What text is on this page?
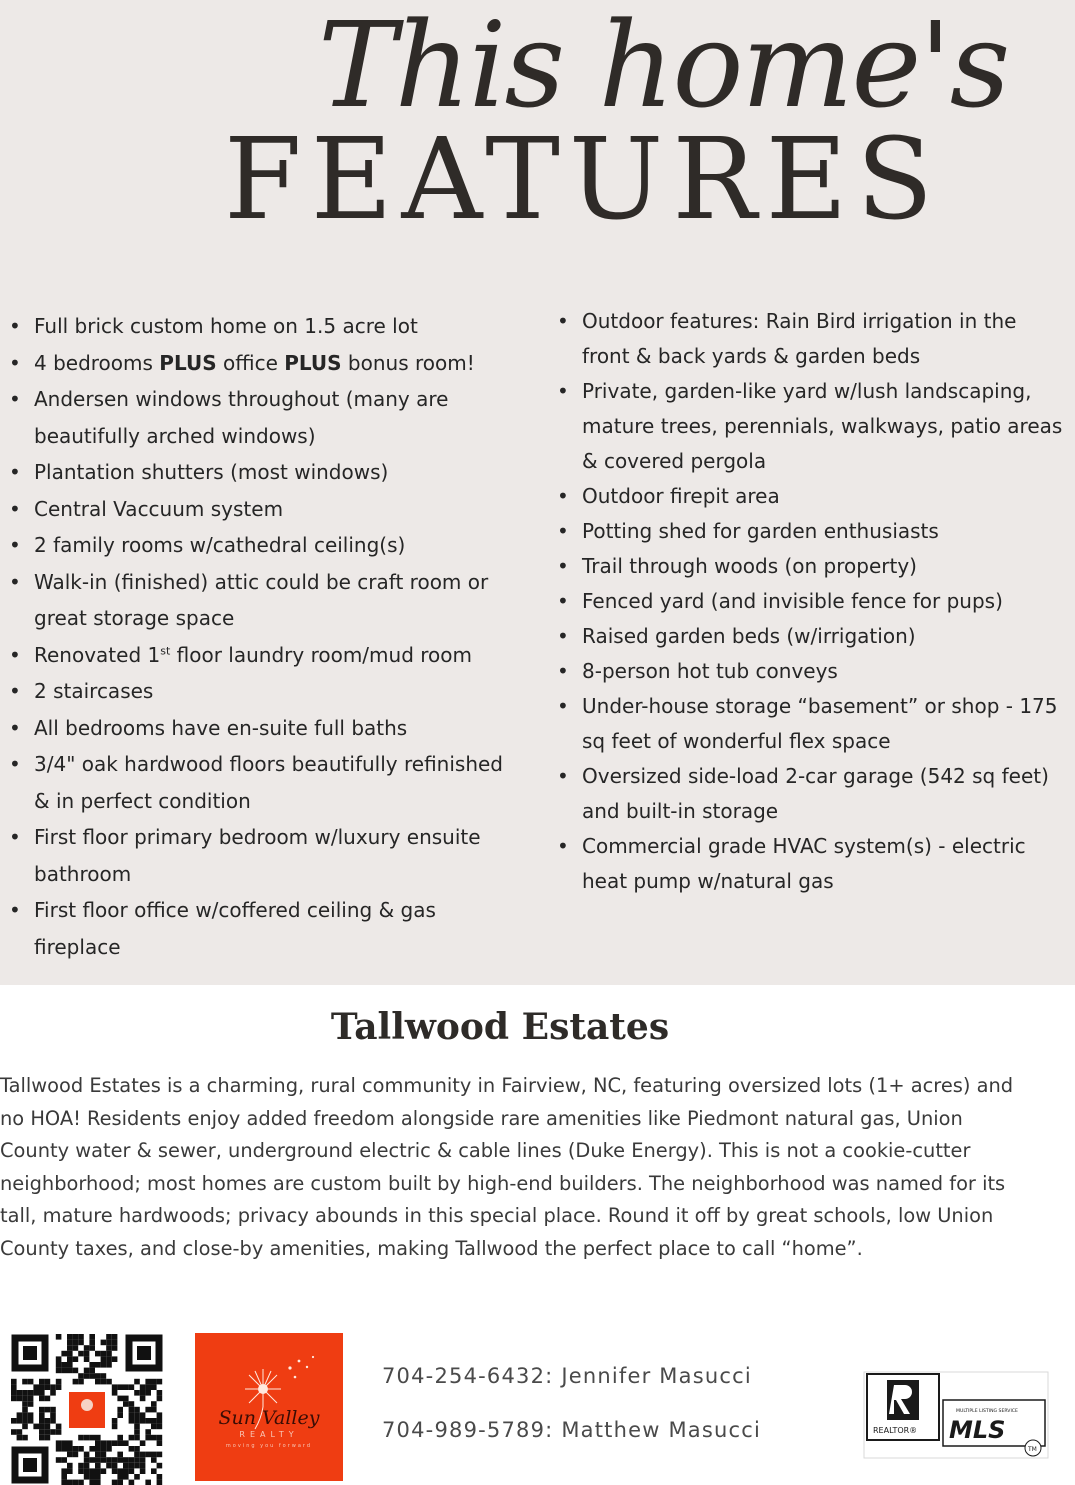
This home's
FEATURES
• Full brick custom home on 1.5 acre lot
• 4 bedrooms PLUS office PLUS bonus room!
• Andersen windows throughout (many are
beautifully arched windows)
• Plantation shutters (most windows)
• Central Vaccuum system
• 2 family rooms w/cathedral ceiling(s)
• Walk-in (finished) attic could be craft room or
great storage space
• Renovated 1st floor laundry room/mud room
• 2 staircases
• All bedrooms have en-suite full baths
• 3/4" oak hardwood floors beautifully refinished
& in perfect condition
• First floor primary bedroom w/luxury ensuite
bathroom
• First floor office w/coffered ceiling & gas
fireplace
• Outdoor features: Rain Bird irrigation in the
front & back yards & garden beds
• Private, garden-like yard w/lush landscaping,
mature trees, perennials, walkways, patio areas
& covered pergola
• Outdoor firepit area
• Potting shed for garden enthusiasts
• Trail through woods (on property)
• Fenced yard (and invisible fence for pups)
• Raised garden beds (w/irrigation)
• 8-person hot tub conveys
• Under-house storage “basement” or shop - 175
sq feet of wonderful flex space
• Oversized side-load 2-car garage (542 sq feet)
and built-in storage
• Commercial grade HVAC system(s) - electric
heat pump w/natural gas
Tallwood Estates
Tallwood Estates is a charming, rural community in Fairview, NC, featuring oversized lots (1+ acres) and
no HOA! Residents enjoy added freedom alongside rare amenities like Piedmont natural gas, Union
County water & sewer, underground electric & cable lines (Duke Energy). This is not a cookie-cutter
neighborhood; most homes are custom built by high-end builders. The neighborhood was named for its
tall, mature hardwoods; privacy abounds in this special place. Round it off by great schools, low Union
County taxes, and close-by amenities, making Tallwood the perfect place to call “home”.
Sun Valley
REALTY
moving you forward
704-254-6432: Jennifer Masucci
704-989-5789: Matthew Masucci	REALTOR®
MULTIPLE LISTING SERVICE
MLS
TM
